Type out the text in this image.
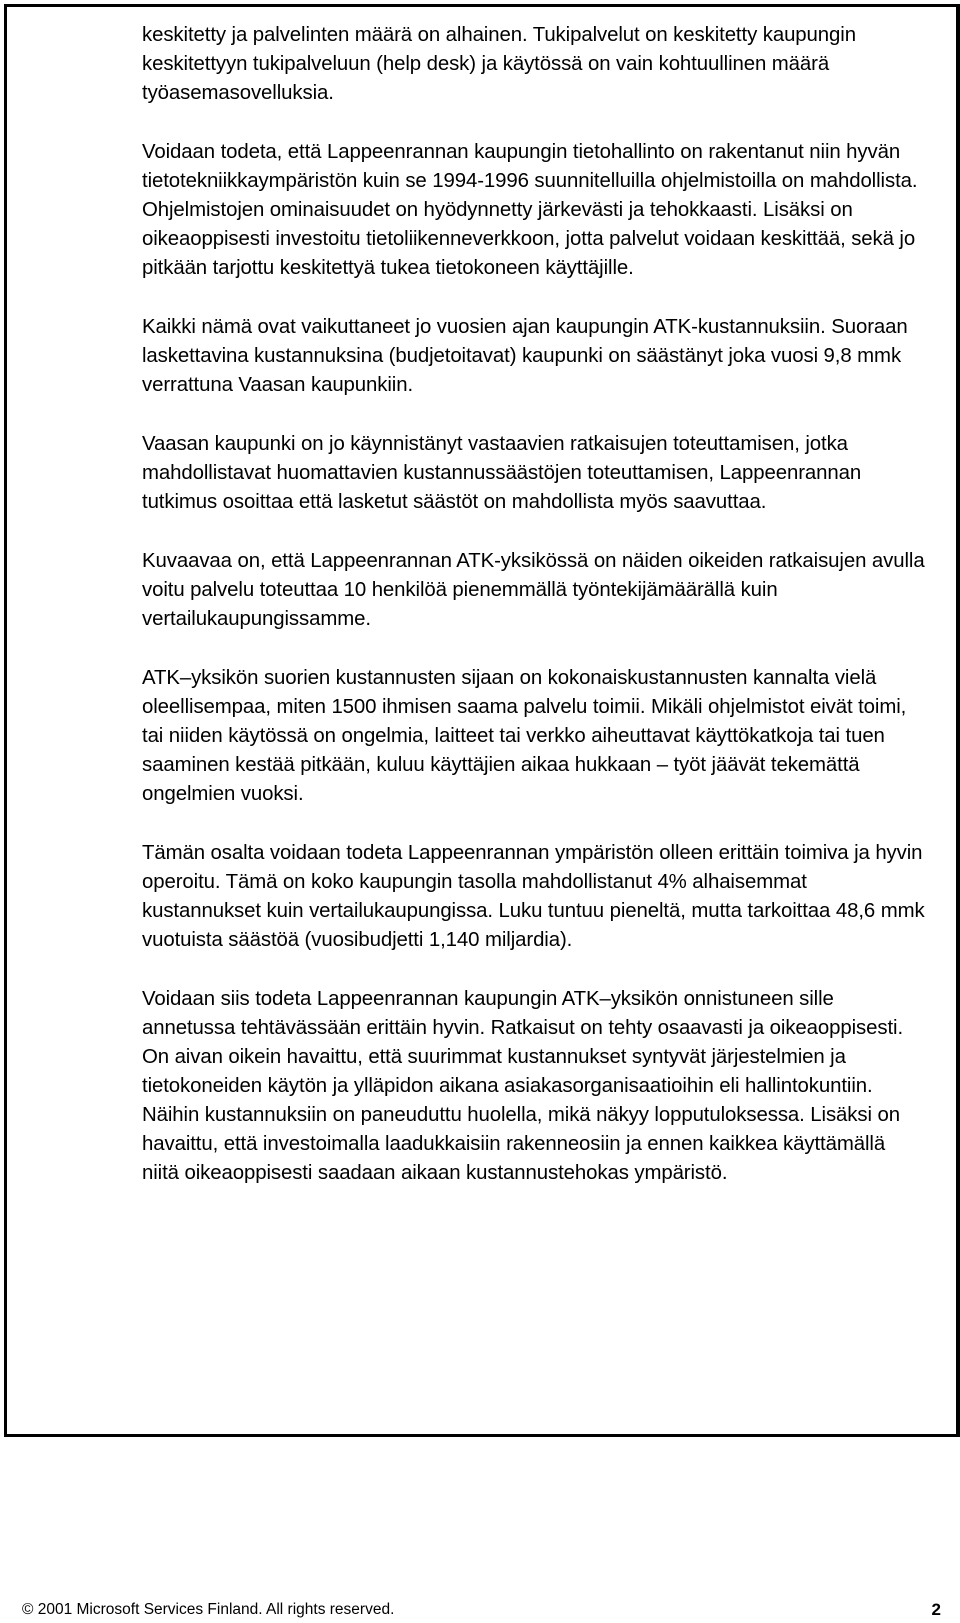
keskitetty ja palvelinten määrä on alhainen. Tukipalvelut on keskitetty kaupungin keskitettyyn tukipalveluun (help desk) ja käytössä on vain kohtuullinen määrä työasemasovelluksia.

Voidaan todeta, että Lappeenrannan kaupungin tietohallinto on rakentanut niin hyvän tietotekniikkaympäristön kuin se 1994-1996 suunnitelluilla ohjelmistoilla on mahdollista. Ohjelmistojen ominaisuudet on hyödynnetty järkevästi ja tehokkaasti. Lisäksi on oikeaoppisesti investoitu tietoliikenneverkkoon, jotta palvelut voidaan keskittää, sekä jo pitkään tarjottu keskitettyä tukea tietokoneen käyttäjille.

Kaikki nämä ovat vaikuttaneet jo vuosien ajan kaupungin ATK-kustannuksiin. Suoraan laskettavina kustannuksina (budjetoitavat) kaupunki on säästänyt joka vuosi 9,8 mmk verrattuna Vaasan kaupunkiin.

Vaasan kaupunki on jo käynnistänyt vastaavien ratkaisujen toteuttamisen, jotka mahdollistavat huomattavien kustannussäästöjen toteuttamisen, Lappeenrannan tutkimus osoittaa että lasketut säästöt on mahdollista myös saavuttaa.

Kuvaavaa on, että Lappeenrannan ATK-yksikössä on näiden oikeiden ratkaisujen avulla voitu palvelu toteuttaa 10 henkilöä pienemmällä työntekijämäärällä kuin vertailukaupungissamme.

ATK–yksikön suorien kustannusten sijaan on kokonaiskustannusten kannalta vielä oleellisempaa, miten 1500 ihmisen saama palvelu toimii. Mikäli ohjelmistot eivät toimi, tai niiden käytössä on ongelmia, laitteet tai verkko aiheuttavat käyttökatkoja tai tuen saaminen kestää pitkään, kuluu käyttäjien aikaa hukkaan – työt jäävät tekemättä ongelmien vuoksi.

Tämän osalta voidaan todeta Lappeenrannan ympäristön olleen erittäin toimiva ja hyvin operoitu. Tämä on koko kaupungin tasolla mahdollistanut 4% alhaisemmat kustannukset kuin vertailukaupungissa. Luku tuntuu pieneltä, mutta tarkoittaa 48,6 mmk vuotuista säästöä (vuosibudjetti 1,140 miljardia).

Voidaan siis todeta Lappeenrannan kaupungin ATK–yksikön onnistuneen sille annetussa tehtävässään erittäin hyvin. Ratkaisut on tehty osaavasti ja oikeaoppisesti. On aivan oikein havaittu, että suurimmat kustannukset syntyvät järjestelmien ja tietokoneiden käytön ja ylläpidon aikana asiakasorganisaatioihin eli hallintokuntiin. Näihin kustannuksiin on paneuduttu huolella, mikä näkyy lopputuloksessa. Lisäksi on havaittu, että investoimalla laadukkaisiin rakenneosiin ja ennen kaikkea käyttämällä niitä oikeaoppisesti saadaan aikaan kustannustehokas ympäristö.

© 2001 Microsoft Services Finland. All rights reserved.	2
